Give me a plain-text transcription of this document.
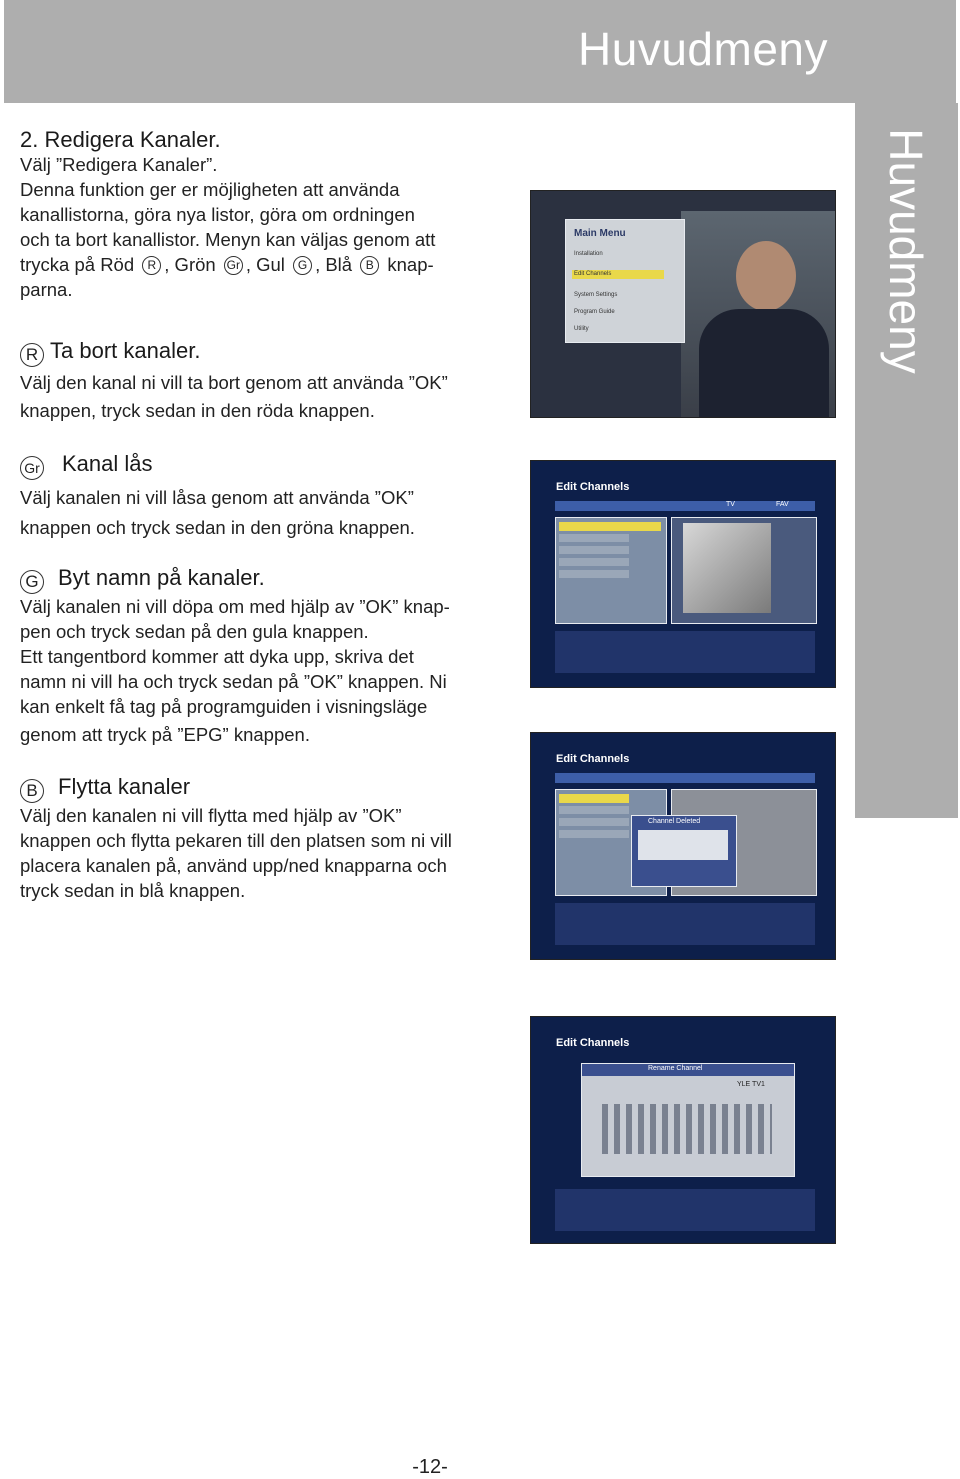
Huvudmeny
Huvudmeny
2. Redigera Kanaler.
Välj ”Redigera Kanaler”.
Denna funktion ger er möjligheten att använda
kanallistorna, göra nya listor, göra om ordningen
och ta bort kanallistor. Menyn kan väljas genom att
trycka på Röd R , Grön Gr , Gul G , Blå B knap-
parna.
R Ta bort kanaler.
Välj den kanal ni vill ta bort genom att använda ”OK”
knappen, tryck sedan in den röda knappen.
Gr Kanal lås
Välj kanalen ni vill låsa genom att använda ”OK”
knappen och tryck sedan in den gröna knappen.
G Byt namn på kanaler.
Välj kanalen ni vill döpa om med hjälp av ”OK” knap-
pen och tryck sedan på den gula knappen.
Ett tangentbord kommer att dyka upp, skriva det
namn ni vill ha och tryck sedan på ”OK” knappen. Ni
kan enkelt få tag på programguiden i visningsläge
genom att tryck på ”EPG” knappen.
B Flytta kanaler
Välj den kanalen ni vill flytta med hjälp av ”OK”
knappen och flytta pekaren till den platsen som ni vill
placera kanalen på, använd upp/ned knapparna och
tryck sedan in blå knappen.
Main Menu
Installation
Edit Channels
System Settings
Program Guide
Utility
Edit Channels
TV	FAV
Edit Channels
Channel Deleted
Edit Channels
Rename Channel
YLE TV1
-12-
